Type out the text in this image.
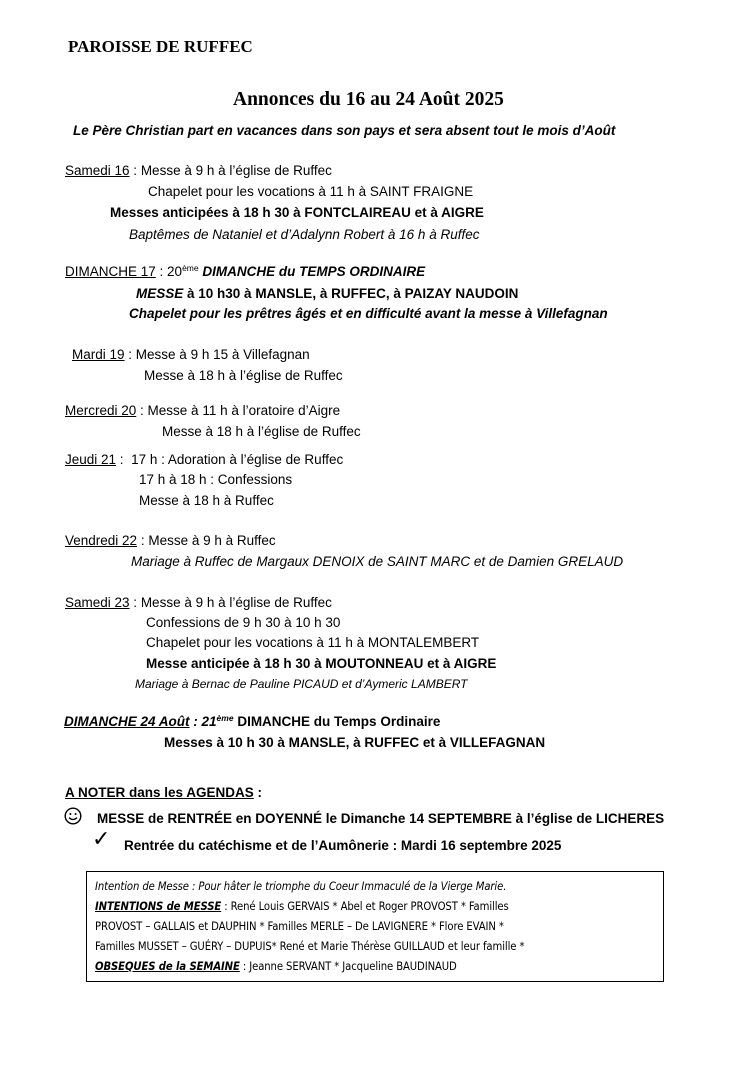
PAROISSE DE RUFFEC
Annonces du 16 au 24 Août 2025
Le Père Christian part en vacances dans son pays et sera absent tout le mois d’Août
Samedi 16 : Messe à 9 h à l’église de Ruffec
Chapelet pour les vocations à 11 h à SAINT FRAIGNE
Messes anticipées à 18 h 30 à FONTCLAIREAU et à AIGRE
Baptêmes de Nataniel et d’Adalynn Robert à 16 h à Ruffec
DIMANCHE 17 : 20ème DIMANCHE du TEMPS ORDINAIRE
MESSE à 10 h30 à MANSLE, à RUFFEC, à PAIZAY NAUDOIN
Chapelet pour les prêtres âgés et en difficulté avant la messe à Villefagnan
Mardi 19 : Messe à 9 h 15 à Villefagnan
Messe à 18 h à l’église de Ruffec
Mercredi 20 : Messe à 11 h à l’oratoire d’Aigre
Messe à 18 h à l’église de Ruffec
Jeudi 21 :  17 h : Adoration à l’église de Ruffec
17 h à 18 h : Confessions
Messe à 18 h à Ruffec
Vendredi 22 : Messe à 9 h à Ruffec
Mariage à Ruffec de Margaux DENOIX de SAINT MARC et de Damien GRELAUD
Samedi 23 : Messe à 9 h à l’église de Ruffec
Confessions de 9 h 30 à 10 h 30
Chapelet pour les vocations à 11 h à MONTALEMBERT
Messe anticipée à 18 h 30 à MOUTONNEAU et à AIGRE
Mariage à Bernac de Pauline PICAUD et d’Aymeric LAMBERT
DIMANCHE 24 Août : 21ème DIMANCHE du Temps Ordinaire
Messes à 10 h 30 à MANSLE, à RUFFEC et à VILLEFAGNAN
A NOTER dans les AGENDAS :
MESSE de RENTRÉE en DOYENNÉ le Dimanche 14 SEPTEMBRE à l’église de LICHERES
✓ Rentrée du catéchisme et de l’Aumônerie : Mardi 16 septembre 2025
Intention de Messe : Pour hâter le triomphe du Coeur Immaculé de la Vierge Marie.
INTENTIONS de MESSE : René Louis GERVAIS * Abel et Roger PROVOST * Familles
PROVOST – GALLAIS et DAUPHIN * Familles MERLE – De LAVIGNERE * Flore EVAIN *
Familles MUSSET – GUÉRY – DUPUIS* René et Marie Thérèse GUILLAUD et leur famille *
OBSEQUES de la SEMAINE : Jeanne SERVANT * Jacqueline BAUDINAUD
